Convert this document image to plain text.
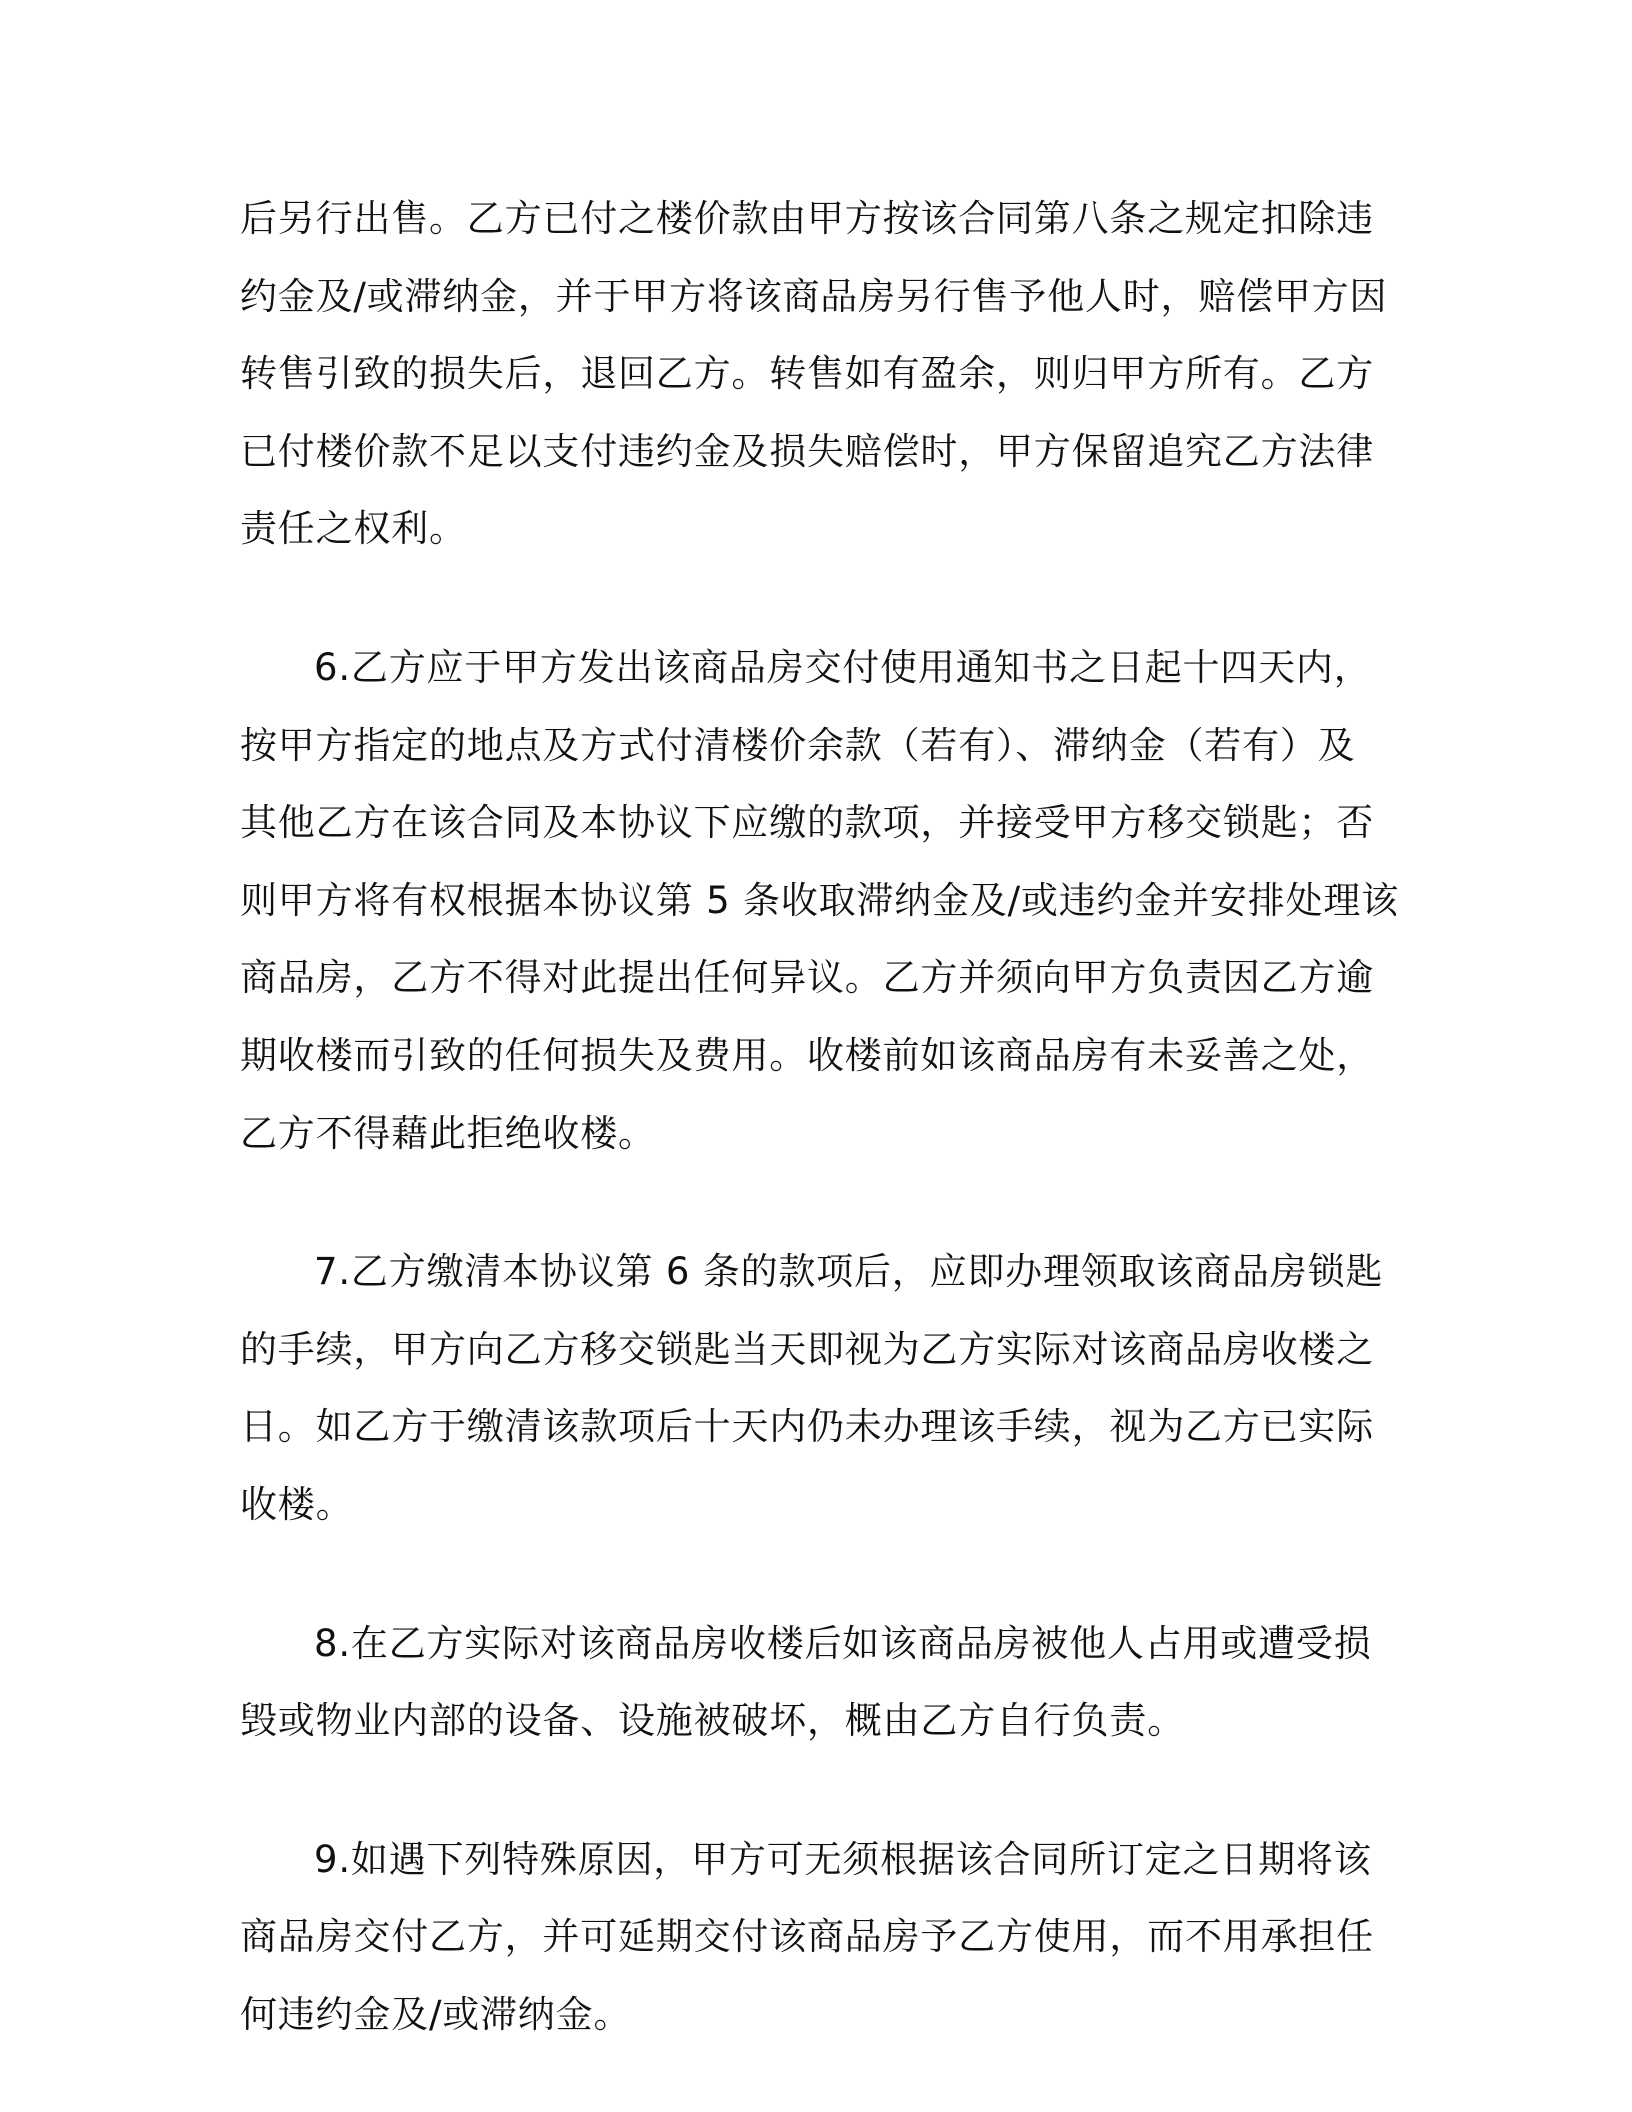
后另行出售。乙方已付之楼价款由甲方按该合同第八条之规定扣除违
约金及/或滞纳金，并于甲方将该商品房另行售予他人时，赔偿甲方因
转售引致的损失后，退回乙方。转售如有盈余，则归甲方所有。乙方
已付楼价款不足以支付违约金及损失赔偿时，甲方保留追究乙方法律
责任之权利。
6.乙方应于甲方发出该商品房交付使用通知书之日起十四天内，
按甲方指定的地点及方式付清楼价余款（若有）、滞纳金（若有）及
其他乙方在该合同及本协议下应缴的款项，并接受甲方移交锁匙；否
则甲方将有权根据本协议第 5 条收取滞纳金及/或违约金并安排处理该
商品房，乙方不得对此提出任何异议。乙方并须向甲方负责因乙方逾
期收楼而引致的任何损失及费用。收楼前如该商品房有未妥善之处，
乙方不得藉此拒绝收楼。
7.乙方缴清本协议第 6 条的款项后，应即办理领取该商品房锁匙
的手续，甲方向乙方移交锁匙当天即视为乙方实际对该商品房收楼之
日。如乙方于缴清该款项后十天内仍未办理该手续，视为乙方已实际
收楼。
8.在乙方实际对该商品房收楼后如该商品房被他人占用或遭受损
毁或物业内部的设备、设施被破坏，概由乙方自行负责。
9.如遇下列特殊原因，甲方可无须根据该合同所订定之日期将该
商品房交付乙方，并可延期交付该商品房予乙方使用，而不用承担任
何违约金及/或滞纳金。
